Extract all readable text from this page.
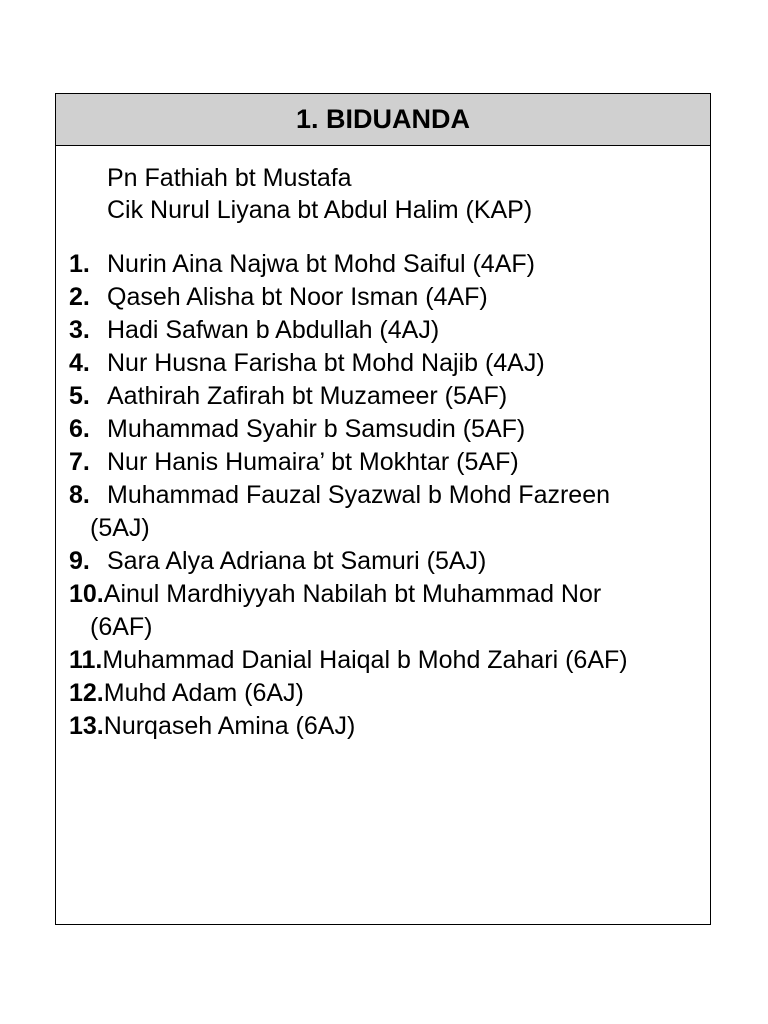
1. BIDUANDA
Pn Fathiah bt Mustafa
Cik Nurul Liyana bt Abdul Halim (KAP)
1. Nurin Aina Najwa bt Mohd Saiful (4AF)
2. Qaseh Alisha bt Noor Isman (4AF)
3. Hadi Safwan b Abdullah (4AJ)
4. Nur Husna Farisha bt Mohd Najib (4AJ)
5. Aathirah Zafirah bt Muzameer (5AF)
6. Muhammad Syahir b Samsudin (5AF)
7. Nur Hanis Humaira’ bt Mokhtar (5AF)
8. Muhammad Fauzal Syazwal b Mohd Fazreen
(5AJ)
9. Sara Alya Adriana bt Samuri (5AJ)
10. Ainul Mardhiyyah Nabilah bt Muhammad Nor
(6AF)
11. Muhammad Danial Haiqal b Mohd Zahari (6AF)
12. Muhd Adam (6AJ)
13. Nurqaseh Amina (6AJ)
